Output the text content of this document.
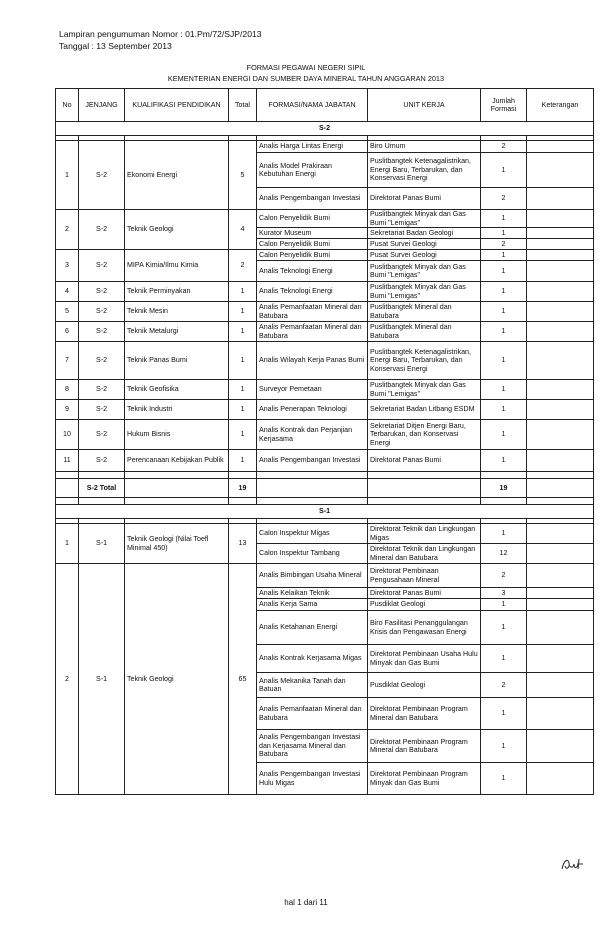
Lampiran pengumuman Nomor : 01.Pm/72/SJP/2013
Tanggal : 13 September 2013
FORMASI PEGAWAI NEGERI SIPIL
KEMENTERIAN ENERGI DAN SUMBER DAYA MINERAL TAHUN ANGGARAN 2013
No	JENJANG	KUALIFIKASI PENDIDIKAN	Total	FORMASI/NAMA JABATAN	UNIT KERJA	Jumlah Formasi	Keterangan
S-2							

1	S-2	Ekonomi Energi	5	Analis Harga Lintas Energi	Biro Umum	2	
				Analis Model Prakiraan Kebutuhan Energi	Puslitbangtek Ketenagalistrikan, Energi Baru, Terbarukan, dan Konservasi Energi	1	
				Analis Pengembangan Investasi	Direktorat Panas Bumi	2	
2	S-2	Teknik Geologi	4	Calon Penyelidik Bumi	Puslitbangtek Minyak dan Gas Bumi "Lemigas"	1	
				Kurator Museum	Sekretariat Badan Geologi	1	
				Calon Penyelidik Bumi	Pusat Survei Geologi	2	
3	S-2	MIPA Kimia/Ilmu Kimia	2	Calon Penyelidik Bumi	Pusat Survei Geologi	1	
				Analis Teknologi Energi	Puslitbangtek Minyak dan Gas Bumi "Lemigas"	1	
4	S-2	Teknik Perminyakan	1	Analis Teknologi Energi	Puslitbangtek Minyak dan Gas Bumi "Lemigas"	1	
5	S-2	Teknik Mesin	1	Analis Pemanfaatan Mineral dan Batubara	Puslitbangtek Mineral dan Batubara	1	
6	S-2	Teknik Metalurgi	1	Analis Pemanfaatan Mineral dan Batubara	Puslitbangtek Mineral dan Batubara	1	
7	S-2	Teknik Panas Bumi	1	Analis Wilayah Kerja Panas Bumi	Puslitbangtek Ketenagalistrikan, Energi Baru, Terbarukan, dan Konservasi Energi	1	
8	S-2	Teknik Geofisika	1	Surveyor Pemetaan	Puslitbangtek Minyak dan Gas Bumi "Lemigas"	1	
9	S-2	Teknik Industri	1	Analis Penerapan Teknologi	Sekretariat Badan Litbang ESDM	1	
10	S-2	Hukum Bisnis	1	Analis Kontrak dan Perjanjian Kerjasama	Sekretariat Ditjen Energi Baru, Terbarukan, dan Konservasi Energi	1	
11	S-2	Perencanaan Kebijakan Publik	1	Analis Pengembangan Investasi	Direktorat Panas Bumi	1	

	S-2 Total		19			19	

S-1							

1	S-1	Teknik Geologi (Nilai Toefl Minimal 450)	13	Calon Inspektur Migas	Direktorat Teknik dan Lingkungan Migas	1	
				Calon Inspektur Tambang	Direktorat Teknik dan Lingkungan Mineral dan Batubara	12	
2	S-1	Teknik Geologi	65	Analis Bimbingan Usaha Mineral	Direktorat Pembinaan Pengusahaan Mineral	2	
				Analis Kelaikan Teknik	Direktorat Panas Bumi	3	
				Analis Kerja Sama	Pusdiklat Geologi	1	
				Analis Ketahanan Energi	Biro Fasilitasi Penanggulangan Krisis dan Pengawasan Energi	1	
				Analis Kontrak Kerjasama Migas	Direktorat Pembinaan Usaha Hulu Minyak dan Gas Bumi	1	
				Analis Mekanika Tanah dan Batuan	Pusdiklat Geologi	2	
				Analis Pemanfaatan Mineral dan Batubara	Direktorat Pembinaan Program Mineral dan Batubara	1	
				Analis Pengembangan Investasi dan Kerjasama Mineral dan Batubara	Direktorat Pembinaan Program Mineral dan Batubara	1	
				Analis Pengembangan Investasi Hulu Migas	Direktorat Pembinaan Program Minyak dan Gas Bumi	1	
hal 1 dari 11
